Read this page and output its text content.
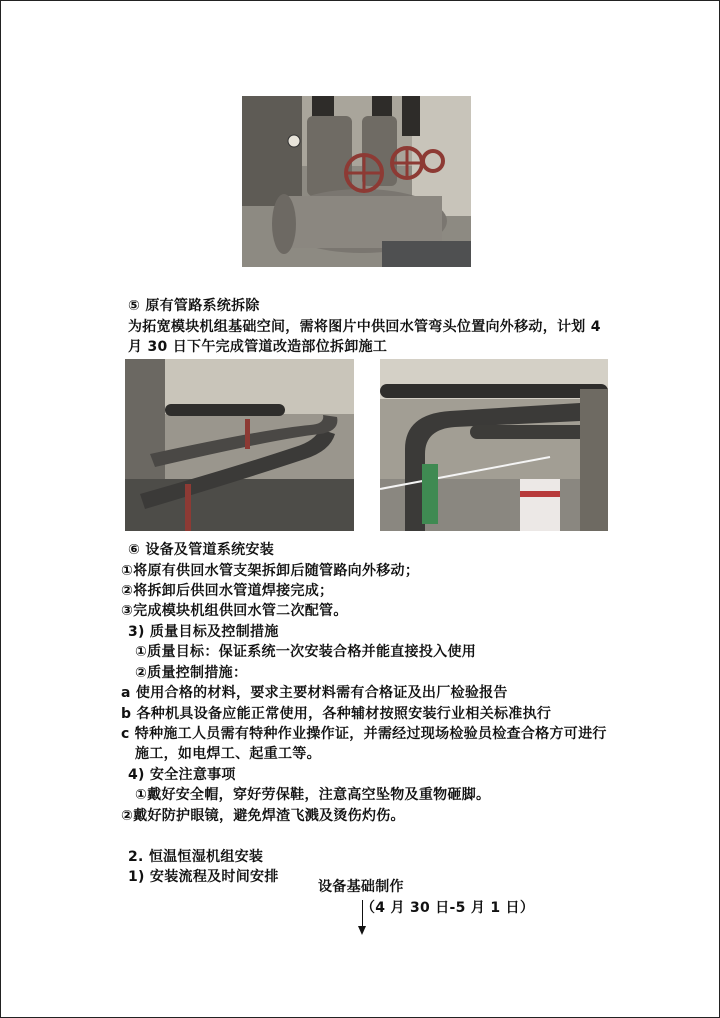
⑤ 原有管路系统拆除
为拓宽模块机组基础空间，需将图片中供回水管弯头位置向外移动，计划 4
月 30 日下午完成管道改造部位拆卸施工
⑥ 设备及管道系统安装
①将原有供回水管支架拆卸后随管路向外移动；
②将拆卸后供回水管道焊接完成；
③完成模块机组供回水管二次配管。
3) 质量目标及控制措施
①质量目标：保证系统一次安装合格并能直接投入使用
②质量控制措施：
a 使用合格的材料，要求主要材料需有合格证及出厂检验报告
b 各种机具设备应能正常使用，各种辅材按照安装行业相关标准执行
c 特种施工人员需有特种作业操作证，并需经过现场检验员检查合格方可进行
施工，如电焊工、起重工等。
4) 安全注意事项
①戴好安全帽，穿好劳保鞋，注意高空坠物及重物砸脚。
②戴好防护眼镜，避免焊渣飞溅及烫伤灼伤。
2. 恒温恒湿机组安装
1) 安装流程及时间安排
设备基础制作
（4 月 30 日-5 月 1 日）
